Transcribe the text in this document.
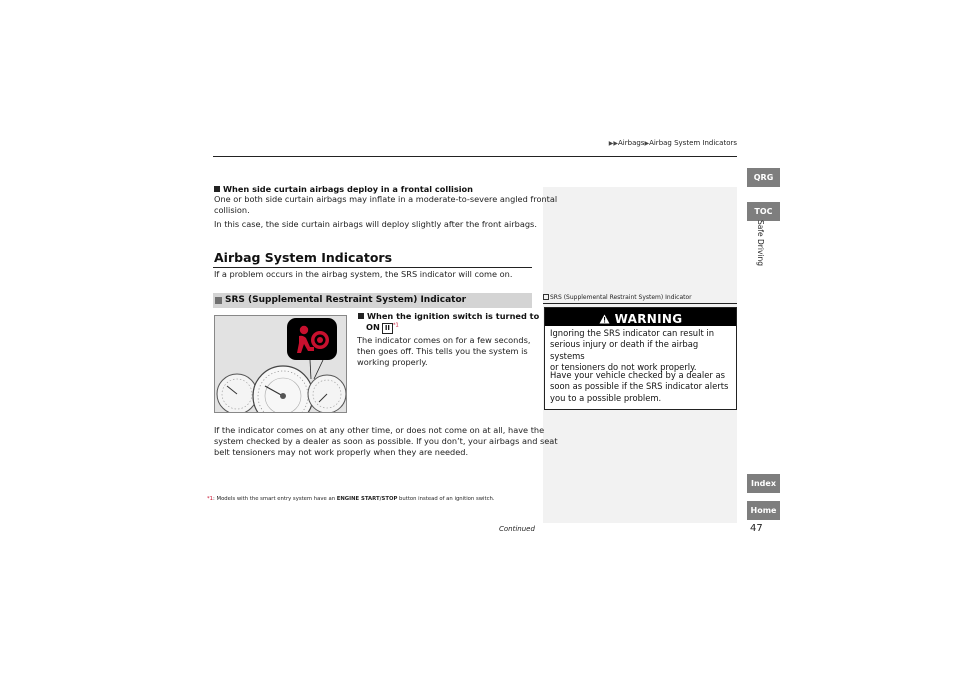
▶▶Airbags▶Airbag System Indicators
When side curtain airbags deploy in a frontal collision
One or both side curtain airbags may inflate in a moderate-to-severe angled frontal
collision.
In this case, the side curtain airbags will deploy slightly after the front airbags.
Airbag System Indicators
If a problem occurs in the airbag system, the SRS indicator will come on.
SRS (Supplemental Restraint System) Indicator
When the ignition switch is turned to
ON II $^{*1}$
The indicator comes on for a few seconds,
then goes off. This tells you the system is
working properly.
If the indicator comes on at any other time, or does not come on at all, have the
system checked by a dealer as soon as possible. If you don’t, your airbags and seat
belt tensioners may not work properly when they are needed.
*1: Models with the smart entry system have an ENGINE START/STOP button instead of an ignition switch.
SRS (Supplemental Restraint System) Indicator
WARNING
Ignoring the SRS indicator can result in
serious injury or death if the airbag systems
or tensioners do not work properly.
Have your vehicle checked by a dealer as
soon as possible if the SRS indicator alerts
you to a possible problem.
QRG
TOC
Safe Driving
Index
Home
Continued	47
